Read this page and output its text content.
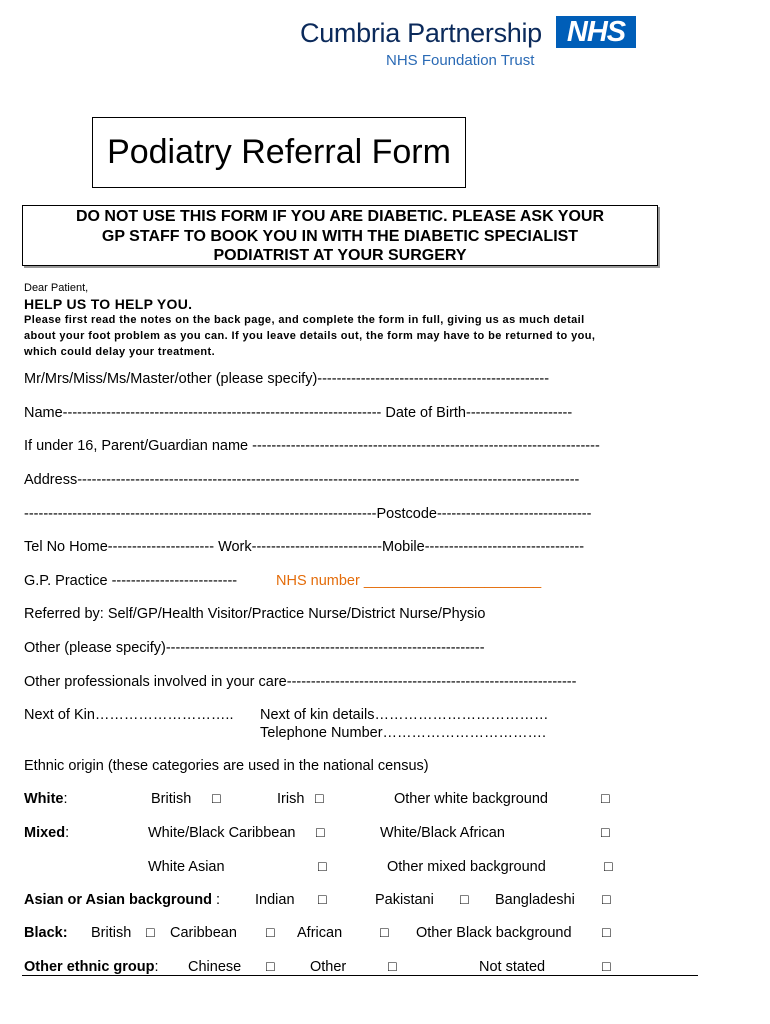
Cumbria Partnership NHS
NHS Foundation Trust
Podiatry Referral Form
DO NOT USE THIS FORM IF YOU ARE DIABETIC. PLEASE ASK YOUR
GP STAFF TO BOOK YOU IN WITH THE DIABETIC SPECIALIST
PODIATRIST AT YOUR SURGERY
Dear Patient,
HELP US TO HELP YOU.
Please first read the notes on the back page, and complete the form in full, giving us as much detail
about your foot problem as you can. If you leave details out, the form may have to be returned to you,
which could delay your treatment.
Mr/Mrs/Miss/Ms/Master/other (please specify)------------------------------------------------
Name------------------------------------------------------------------ Date of Birth----------------------
If under 16, Parent/Guardian name ------------------------------------------------------------------------
Address--------------------------------------------------------------------------------------------------------
-------------------------------------------------------------------------Postcode--------------------------------
Tel No Home---------------------- Work---------------------------Mobile---------------------------------
G.P. Practice --------------------------	NHS number ______________________
Referred by: Self/GP/Health Visitor/Practice Nurse/District Nurse/Physio
Other (please specify)------------------------------------------------------------------
Other professionals involved in your care------------------------------------------------------------
Next of Kin……………………….. Next of kin details………………………………
Telephone Number…………………………….
Ethnic origin (these categories are used in the national census)
White:	British □	Irish □	Other white background	□
Mixed:	White/Black Caribbean □	White/Black African	□
White Asian	□	Other mixed background	□
Asian or Asian background : Indian □	Pakistani □ Bangladeshi □
Black: British □ Caribbean □ African	□ Other Black background □
Other ethnic group: Chinese □ Other	□	Not stated	□
